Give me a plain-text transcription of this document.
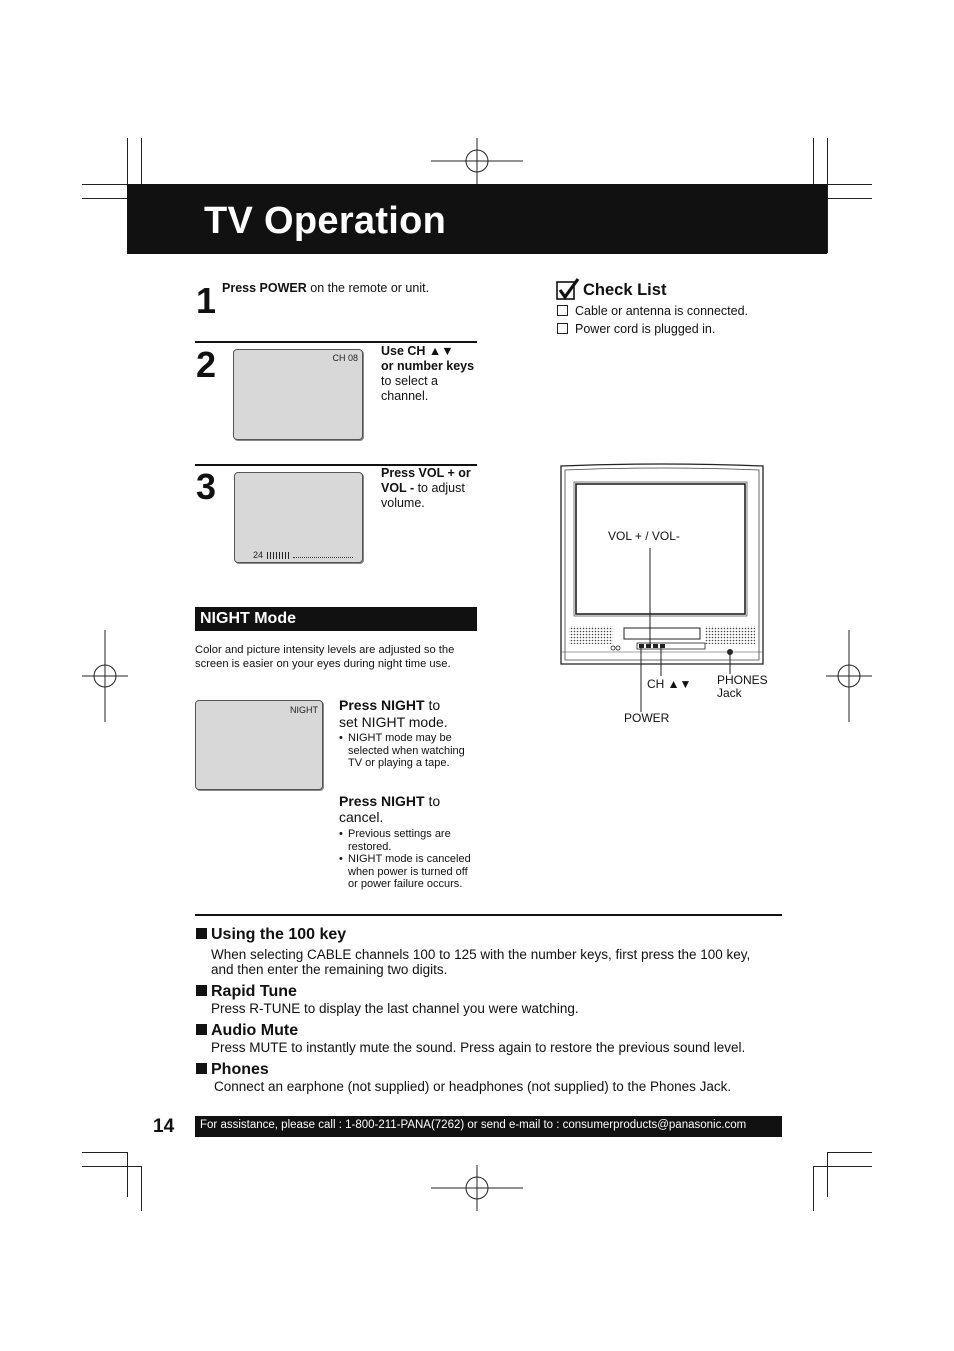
TV Operation
1 Press POWER on the remote or unit.
2	CH 08 Use CH ▲▼
or number keys to select a channel.
3
24
Press VOL + or VOL - to adjust volume.
Check List
Cable or antenna is connected.
Power cord is plugged in.
VOL + / VOL-
CH ▲▼ PHONES
Jack
POWER
NIGHT Mode
Color and picture intensity levels are adjusted so the screen is easier on your eyes during night time use.
NIGHT Press NIGHT to
set NIGHT mode.
• NIGHT mode may be selected when watching TV or playing a tape.
Press NIGHT to
cancel.
• Previous settings are restored.
• NIGHT mode is canceled when power is turned off or power failure occurs.
Using the 100 key
When selecting CABLE channels 100 to 125 with the number keys, first press the 100 key, and then enter the remaining two digits.
Rapid Tune
Press R-TUNE to display the last channel you were watching.
Audio Mute
Press MUTE to instantly mute the sound. Press again to restore the previous sound level.
Phones
Connect an earphone (not supplied) or headphones (not supplied) to the Phones Jack.
14 For assistance, please call : 1-800-211-PANA(7262) or send e-mail to : consumerproducts@panasonic.com
